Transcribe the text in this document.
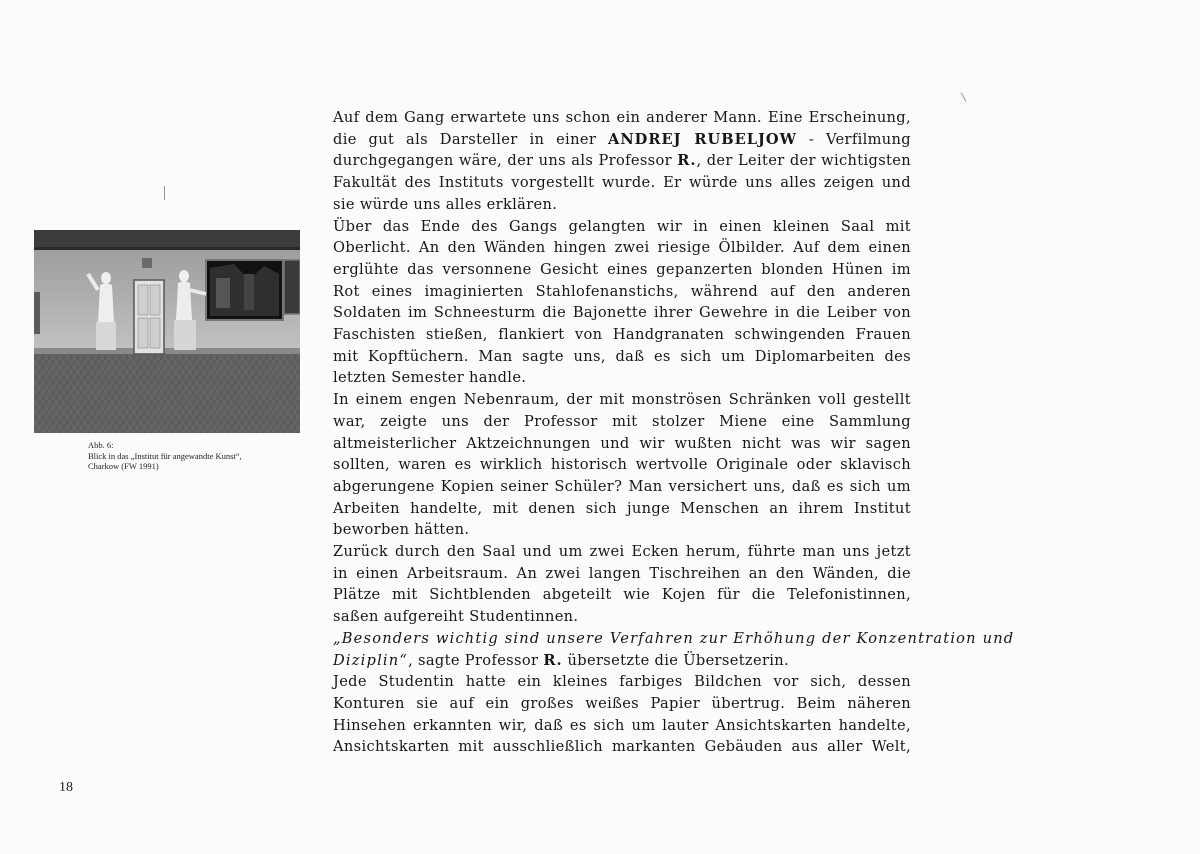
Abb. 6:
Blick in das „Institut für angewandte Kunst“,
Charkow (FW 1991)
Auf dem Gang erwartete uns schon ein anderer Mann. Eine Erscheinung,
die gut als Darsteller in einer ANDREJ RUBELJOW - Verfilmung
durchgegangen wäre, der uns als Professor R., der Leiter der wichtigsten
Fakultät des Instituts vorgestellt wurde. Er würde uns alles zeigen und
sie würde uns alles erklären.
Über das Ende des Gangs gelangten wir in einen kleinen Saal mit
Oberlicht. An den Wänden hingen zwei riesige Ölbilder. Auf dem einen
erglühte das versonnene Gesicht eines gepanzerten blonden Hünen im
Rot eines imaginierten Stahlofenanstichs, während auf den anderen
Soldaten im Schneesturm die Bajonette ihrer Gewehre in die Leiber von
Faschisten stießen, flankiert von Handgranaten schwingenden Frauen
mit Kopftüchern. Man sagte uns, daß es sich um Diplomarbeiten des
letzten Semester handle.
In einem engen Nebenraum, der mit monströsen Schränken voll gestellt
war, zeigte uns der Professor mit stolzer Miene eine Sammlung
altmeisterlicher Aktzeichnungen und wir wußten nicht was wir sagen
sollten, waren es wirklich historisch wertvolle Originale oder sklavisch
abgerungene Kopien seiner Schüler? Man versichert uns, daß es sich um
Arbeiten handelte, mit denen sich junge Menschen an ihrem Institut
beworben hätten.
Zurück durch den Saal und um zwei Ecken herum, führte man uns jetzt
in einen Arbeitsraum. An zwei langen Tischreihen an den Wänden, die
Plätze mit Sichtblenden abgeteilt wie Kojen für die Telefonistinnen,
saßen aufgereiht Studentinnen.
„Besonders wichtig sind unsere Verfahren zur Erhöhung der Konzentration und
Diziplin“, sagte Professor R. übersetzte die Übersetzerin.
Jede Studentin hatte ein kleines farbiges Bildchen vor sich, dessen
Konturen sie auf ein großes weißes Papier übertrug. Beim näheren
Hinsehen erkannten wir, daß es sich um lauter Ansichtskarten handelte,
Ansichtskarten mit ausschließlich markanten Gebäuden aus aller Welt,
18
